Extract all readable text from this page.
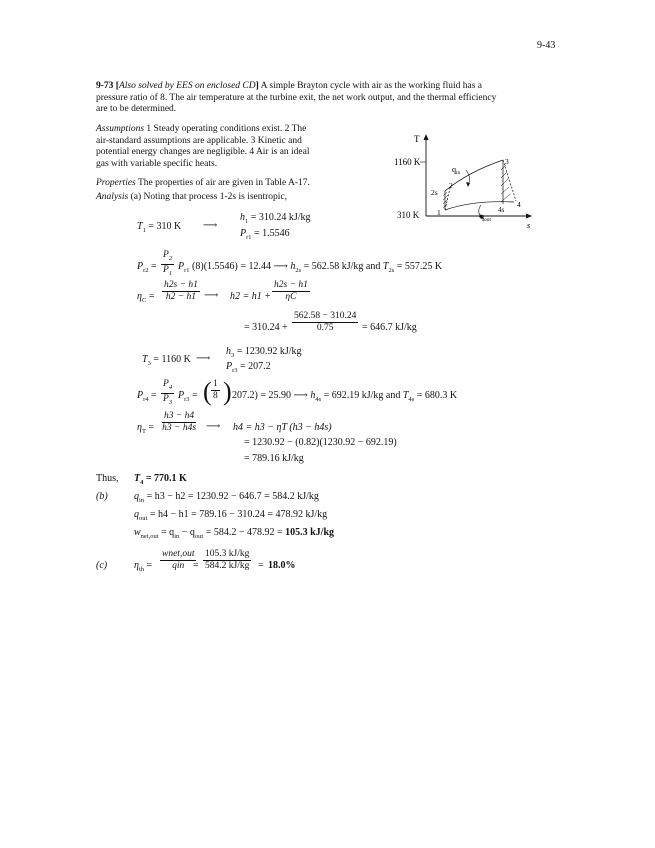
9-43
9-73 [Also solved by EES on enclosed CD] A simple Brayton cycle with air as the working fluid has a
pressure ratio of 8. The air temperature at the turbine exit, the net work output, and the thermal efficiency
are to be determined.
Assumptions 1 Steady operating conditions exist. 2 The
air-standard assumptions are applicable. 3 Kinetic and
potential energy changes are negligible. 4 Air is an ideal
gas with variable specific heats.
Properties The properties of air are given in Table A-17.
Analysis (a) Noting that process 1-2s is isentropic,
T
s
1160 K
310 K
$q_{in}$
$q_{out}$
1
2
2s
3
4
4s
$T_1 = 310$ K ⟶
$h_1 = 310.24$ kJ/kg
$P_{r1} = 1.5546$
$P_{r2} = \frac{P_2}{P_1} P_{r1}$ (8)(1.5546) = 12.44 ⟶ $h_{2s} = 562.58$ kJ/kg and $T_{2s} = 557.25$ K
$\eta_C = \frac{h2s - h1}{h2 - h1}$ ⟶ $h2 = h1 + \frac{h2s - h1}{\eta C}$
= $310.24 + \frac{562.58 - 310.24}{0.75} = 646.7$ kJ/kg
$T_3 = 1160$ K ⟶
$h_3 = 1230.92$ kJ/kg
$P_{r3} = 207.2$
$P_{r4} = \frac{P_4}{P_3} P_{r3}$ = ( $\frac{1}{8}$ ) 207.2) = 25.90 ⟶ $h_{4s} = 692.19$ kJ/kg and $T_{4s} = 680.3$ K
$\eta_T = \frac{h3 - h4}{h3 - h4s}$ ⟶ h4 = h3 − ηT (h3 − h4s)
= 1230.92 − (0.82)(1230.92 − 692.19)
= 789.16 kJ/kg
Thus, $T_4 = 770.1$ K
(b)	$q_{in} = h3 - h2 = 1230.92 - 646.7 = 584.2$ kJ/kg
$q_{out} = h4 - h1 = 789.16 - 310.24 = 478.92$ kJ/kg
$w_{net,out} = q_{in} - q_{out} = 584.2 - 478.92 = 105.3$ kJ/kg
(c)	$\eta_{th}$ =
wnet,out
qin = $\frac{105.3 kJ/kg}{584.2 kJ/kg} = 18.0\%$
